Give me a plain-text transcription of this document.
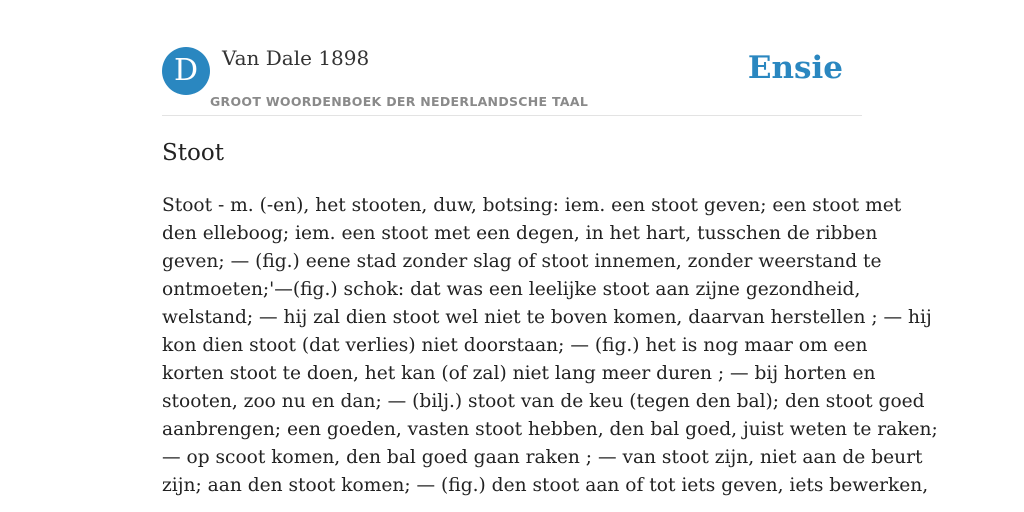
D	Van Dale 1898
GROOT WOORDENBOEK DER NEDERLANDSCHE TAAL
Ensie
Stoot
Stoot - m. (-en), het stooten, duw, botsing: iem. een stoot geven; een stoot met
den elleboog; iem. een stoot met een degen, in het hart, tusschen de ribben
geven; — (fig.) eene stad zonder slag of stoot innemen, zonder weerstand te
ontmoeten;'—(fig.) schok: dat was een leelijke stoot aan zijne gezondheid,
welstand; — hij zal dien stoot wel niet te boven komen, daarvan herstellen ; — hij
kon dien stoot (dat verlies) niet doorstaan; — (fig.) het is nog maar om een
korten stoot te doen, het kan (of zal) niet lang meer duren ; — bij horten en
stooten, zoo nu en dan; — (bilj.) stoot van de keu (tegen den bal); den stoot goed
aanbrengen; een goeden, vasten stoot hebben, den bal goed, juist weten te raken;
— op scoot komen, den bal goed gaan raken ; — van stoot zijn, niet aan de beurt
zijn; aan den stoot komen; — (fig.) den stoot aan of tot iets geven, iets bewerken,
